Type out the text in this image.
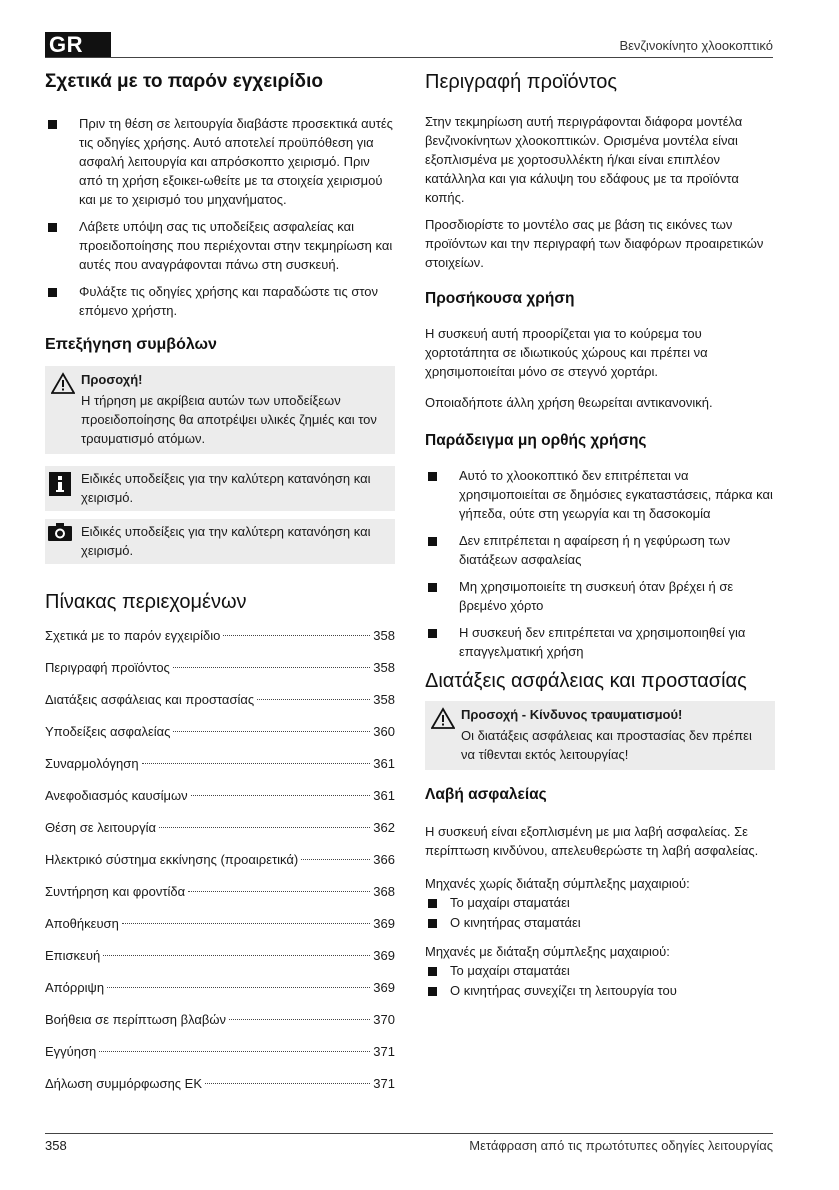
GR	Βενζινοκίνητο χλοοκοπτικό
Σχετικά με το παρόν εγχειρίδιο
Πριν τη θέση σε λειτουργία διαβάστε προσεκτικά αυτές τις οδηγίες χρήσης. Αυτό αποτελεί προϋπόθεση για ασφαλή λειτουργία και απρόσκοπτο χειρισμό. Πριν από τη χρήση εξοικει-ωθείτε με τα στοιχεία χειρισμού και με το χειρισμό του μηχανήματος.
Λάβετε υπόψη σας τις υποδείξεις ασφαλείας και προειδοποίησης που περιέχονται στην τεκμηρίωση και αυτές που αναγράφονται πάνω στη συσκευή.
Φυλάξτε τις οδηγίες χρήσης και παραδώστε τις στον επόμενο χρήστη.
Επεξήγηση συμβόλων
Προσοχή!
Η τήρηση με ακρίβεια αυτών των υποδείξεων προειδοποίησης θα αποτρέψει υλικές ζημιές και τον τραυματισμό ατόμων.
Ειδικές υποδείξεις για την καλύτερη κατανόηση και χειρισμό.
Ειδικές υποδείξεις για την καλύτερη κατανόηση και χειρισμό.
Πίνακας περιεχομένων
Σχετικά με το παρόν εγχειρίδιο	358
Περιγραφή προϊόντος	358
Διατάξεις ασφάλειας και προστασίας	358
Υποδείξεις ασφαλείας	360
Συναρμολόγηση	361
Ανεφοδιασμός καυσίμων	361
Θέση σε λειτουργία	362
Ηλεκτρικό σύστημα εκκίνησης (προαιρετικά)	366
Συντήρηση και φροντίδα	368
Αποθήκευση	369
Επισκευή	369
Απόρριψη	369
Βοήθεια σε περίπτωση βλαβών	370
Εγγύηση	371
Δήλωση συμμόρφωσης ΕΚ	371
Περιγραφή προϊόντος

Στην τεκμηρίωση αυτή περιγράφονται διάφορα μοντέλα βενζινοκίνητων χλοοκοπτικών. Ορισμένα μοντέλα είναι εξοπλισμένα με χορτοσυλλέκτη ή/και είναι επιπλέον κατάλληλα και για κάλυψη του εδάφους με τα προϊόντα κοπής.

Προσδιορίστε το μοντέλο σας με βάση τις εικόνες των προϊόντων και την περιγραφή των διαφόρων προαιρετικών στοιχείων.

Προσήκουσα χρήση

Η συσκευή αυτή προορίζεται για το κούρεμα του χορτοτάπητα σε ιδιωτικούς χώρους και πρέπει να χρησιμοποιείται μόνο σε στεγνό χορτάρι.

Οποιαδήποτε άλλη χρήση θεωρείται αντικανονική.

Παράδειγμα μη ορθής χρήσης
Αυτό το χλοοκοπτικό δεν επιτρέπεται να χρησιμοποιείται σε δημόσιες εγκαταστάσεις, πάρκα και γήπεδα, ούτε στη γεωργία και τη δασοκομία
Δεν επιτρέπεται η αφαίρεση ή η γεφύρωση των διατάξεων ασφαλείας
Μη χρησιμοποιείτε τη συσκευή όταν βρέχει ή σε βρεμένο χόρτο
Η συσκευή δεν επιτρέπεται να χρησιμοποιηθεί για επαγγελματική χρήση
Διατάξεις ασφάλειας και προστασίας
Προσοχή - Κίνδυνος τραυματισμού!
Οι διατάξεις ασφάλειας και προστασίας δεν πρέπει να τίθενται εκτός λειτουργίας!
Λαβή ασφαλείας

Η συσκευή είναι εξοπλισμένη με μια λαβή ασφαλείας. Σε περίπτωση κινδύνου, απελευθερώστε τη λαβή ασφαλείας.

Μηχανές χωρίς διάταξη σύμπλεξης μαχαιριού:

Το μαχαίρι σταματάει
Ο κινητήρας σταματάει

Μηχανές με διάταξη σύμπλεξης μαχαιριού:

Το μαχαίρι σταματάει
Ο κινητήρας συνεχίζει τη λειτουργία του
358	Μετάφραση από τις πρωτότυπες οδηγίες λειτουργίας
